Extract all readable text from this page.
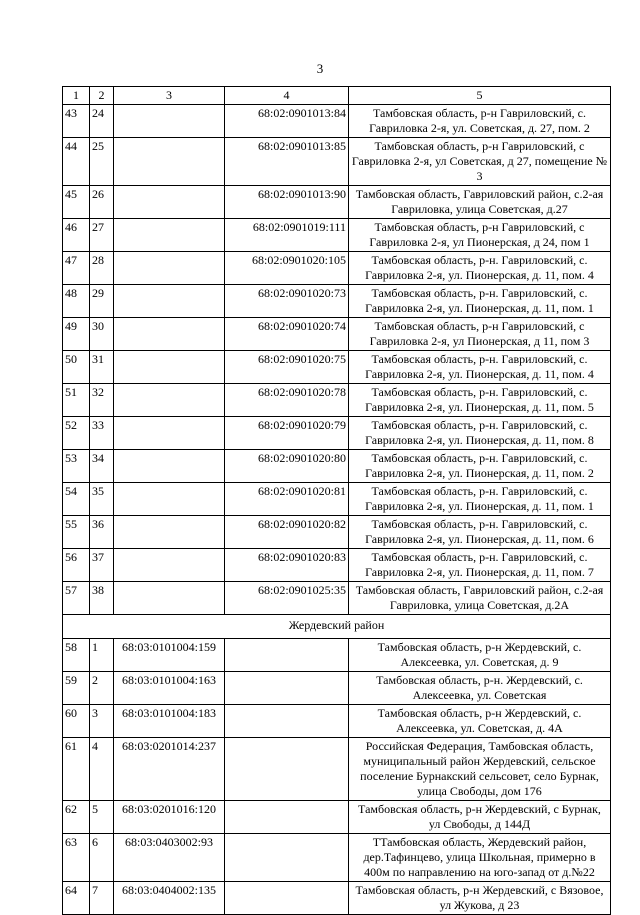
3
1	2	3	4	5
43	24		68:02:0901013:84	Тамбовская область, р-н Гавриловский, с. Гавриловка 2-я, ул. Советская, д. 27, пом. 2
44	25		68:02:0901013:85	Тамбовская область, р-н Гавриловский, с Гавриловка 2-я, ул Советская, д 27, помещение № 3
45	26		68:02:0901013:90	Тамбовская область, Гавриловский район, с.2-ая Гавриловка, улица Советская, д.27
46	27		68:02:0901019:111	Тамбовская область, р-н Гавриловский, с Гавриловка 2-я, ул Пионерская, д 24, пом 1
47	28		68:02:0901020:105	Тамбовская область, р-н. Гавриловский, с. Гавриловка 2-я, ул. Пионерская, д. 11, пом. 4
48	29		68:02:0901020:73	Тамбовская область, р-н. Гавриловский, с. Гавриловка 2-я, ул. Пионерская, д. 11, пом. 1
49	30		68:02:0901020:74	Тамбовская область, р-н Гавриловский, с Гавриловка 2-я, ул Пионерская, д 11, пом 3
50	31		68:02:0901020:75	Тамбовская область, р-н. Гавриловский, с. Гавриловка 2-я, ул. Пионерская, д. 11, пом. 4
51	32		68:02:0901020:78	Тамбовская область, р-н. Гавриловский, с. Гавриловка 2-я, ул. Пионерская, д. 11, пом. 5
52	33		68:02:0901020:79	Тамбовская область, р-н. Гавриловский, с. Гавриловка 2-я, ул. Пионерская, д. 11, пом. 8
53	34		68:02:0901020:80	Тамбовская область, р-н. Гавриловский, с. Гавриловка 2-я, ул. Пионерская, д. 11, пом. 2
54	35		68:02:0901020:81	Тамбовская область, р-н. Гавриловский, с. Гавриловка 2-я, ул. Пионерская, д. 11, пом. 1
55	36		68:02:0901020:82	Тамбовская область, р-н. Гавриловский, с. Гавриловка 2-я, ул. Пионерская, д. 11, пом. 6
56	37		68:02:0901020:83	Тамбовская область, р-н. Гавриловский, с. Гавриловка 2-я, ул. Пионерская, д. 11, пом. 7
57	38		68:02:0901025:35	Тамбовская область, Гавриловский район, с.2-ая Гавриловка, улица Советская, д.2А
Жердевский район				
58	1	68:03:0101004:159		Тамбовская область, р-н Жердевский, с. Алексеевка, ул. Советская, д. 9
59	2	68:03:0101004:163		Тамбовская область, р-н. Жердевский, с. Алексеевка, ул. Советская
60	3	68:03:0101004:183		Тамбовская область, р-н Жердевский, с. Алексеевка, ул. Советская, д. 4А
61	4	68:03:0201014:237		Российская Федерация, Тамбовская область, муниципальный район Жердевский, сельское поселение Бурнакский сельсовет, село Бурнак, улица Свободы, дом 176
62	5	68:03:0201016:120		Тамбовская область, р-н Жердевский, с Бурнак, ул Свободы, д 144Д
63	6	68:03:0403002:93		ТТамбовская область, Жердевский район, дер.Тафинцево, улица Школьная, примерно в 400м по направлению на юго-запад от д.№22
64	7	68:03:0404002:135		Тамбовская область, р-н Жердевский, с Вязовое, ул Жукова, д 23
